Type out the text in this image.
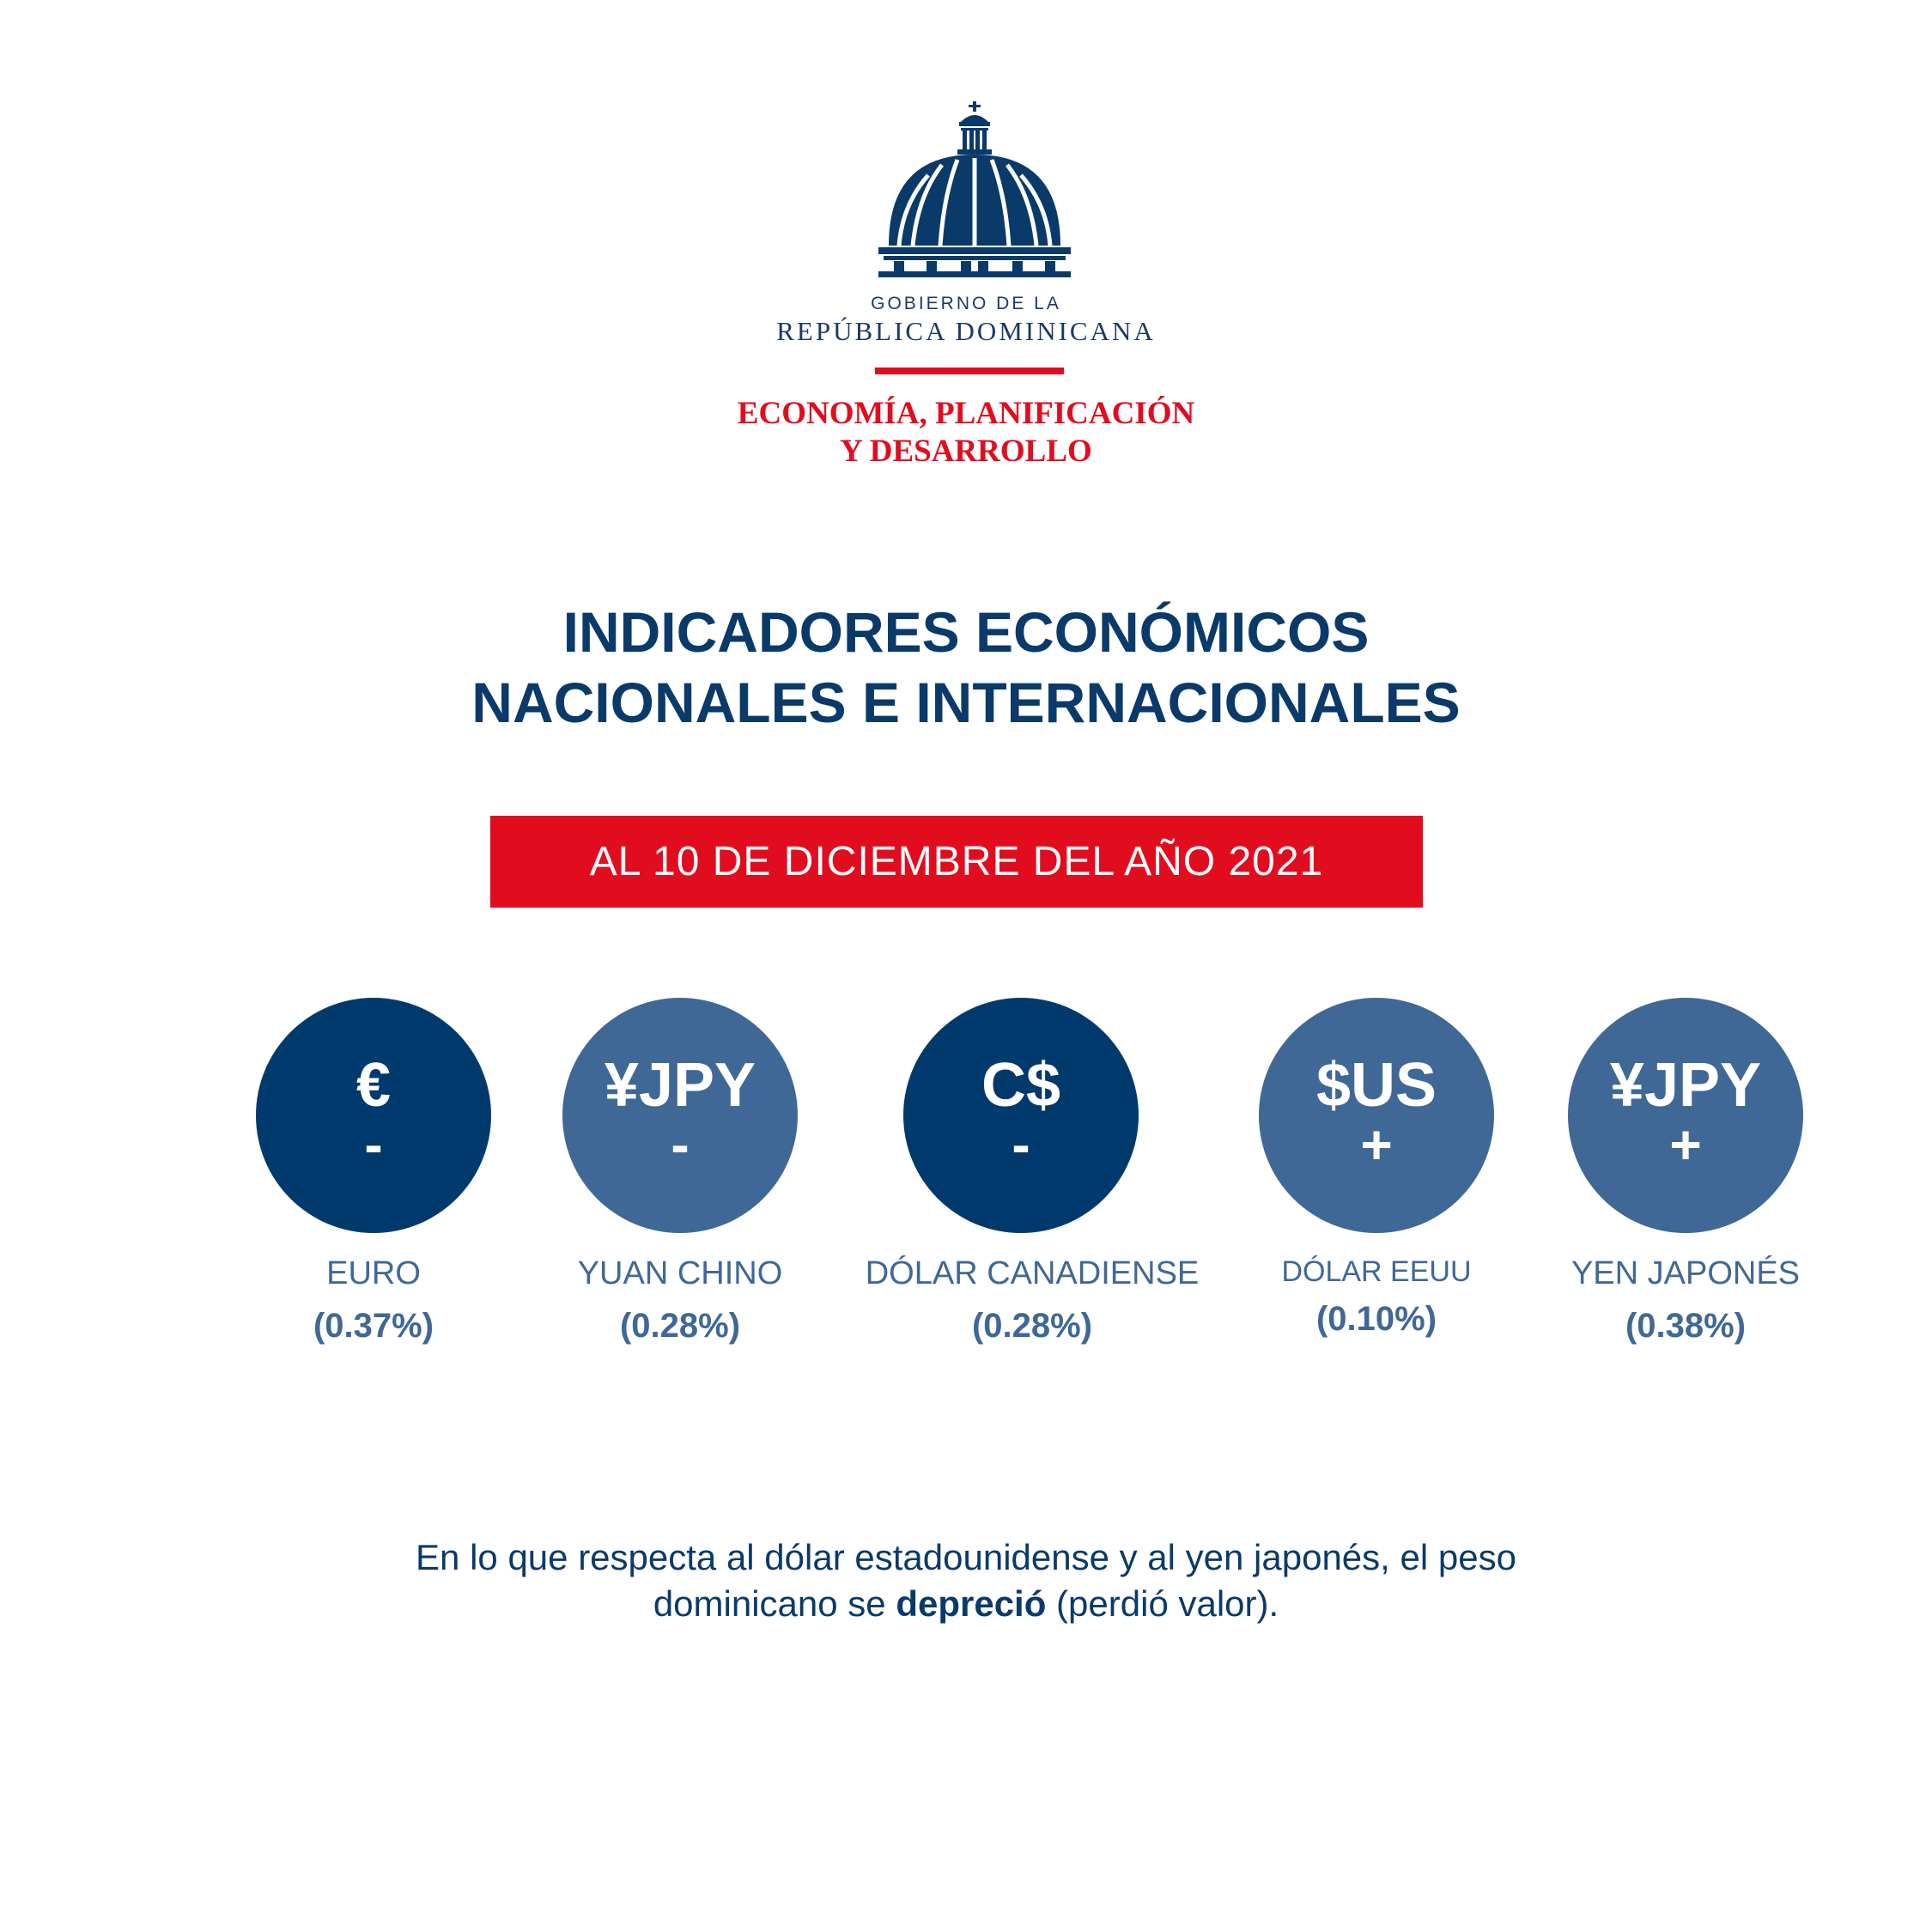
GOBIERNO DE LA
REPÚBLICA DOMINICANA
ECONOMÍA, PLANIFICACIÓN
Y DESARROLLO
INDICADORES ECONÓMICOS
NACIONALES E INTERNACIONALES
AL 10 DE DICIEMBRE DEL AÑO 2021
€
-
EURO
(0.37%)
¥JPY
-
YUAN CHINO
(0.28%)
C$
-
DÓLAR CANADIENSE
(0.28%)
$US
+
DÓLAR EEUU
(0.10%)
¥JPY
+
YEN JAPONÉS
(0.38%)
En lo que respecta al dólar estadounidense y al yen japonés, el peso
dominicano se depreció (perdió valor).
